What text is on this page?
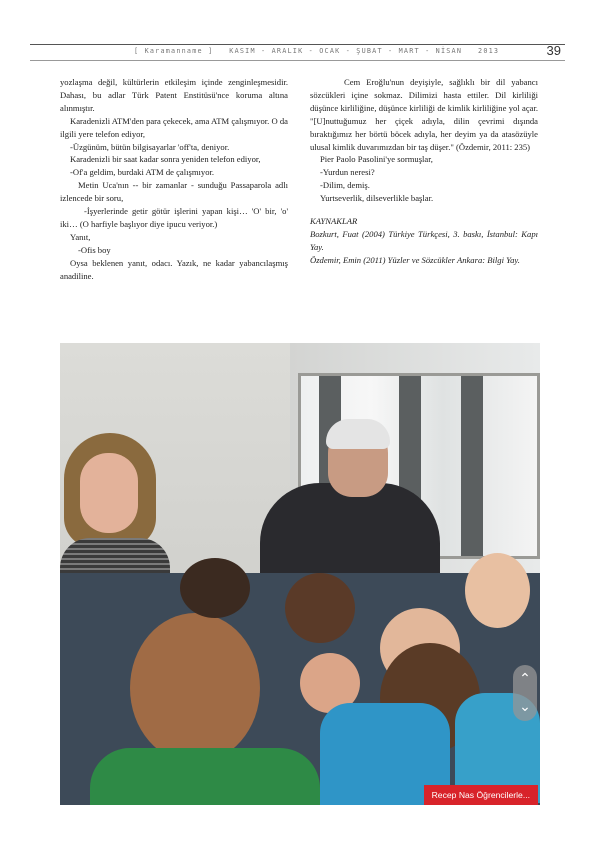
[ Karamanname ] KASIM - ARALIK - OCAK - ŞUBAT - MART - NİSAN 2013	39

yozlaşma değil, kültürlerin etkileşim içinde zenginleşmesidir. Dahası, bu adlar Türk Patent Enstitüsü'nce koruma altına alınmıştır.

Karadenizli ATM'den para çekecek, ama ATM çalışmıyor. O da ilgili yere telefon ediyor,

-Üzgünüm, bütün bilgisayarlar 'off'ta, deniyor.

Karadenizli bir saat kadar sonra yeniden telefon ediyor,

-Of'a geldim, burdaki ATM de çalışmıyor.

Metin Uca'nın -- bir zamanlar - sunduğu Passaparola adlı izlencede bir soru,

-İşyerlerinde getir götür işlerini yapan kişi… 'O' bir, 'o' iki… (O harfiyle başlıyor diye ipucu veriyor.)

Yanıt,

-Ofis boy

Oysa beklenen yanıt, odacı. Yazık, ne kadar yabancılaşmış anadiline.

Cem Eroğlu'nun deyişiyle, sağlıklı bir dil yabancı sözcükleri içine sokmaz. Dilimizi hasta ettiler. Dil kirliliği düşünce kirliliğine, düşünce kirliliği de kimlik kirliliğine yol açar. "[U]nuttuğumuz her çiçek adıyla, dilin çevrimi dışında bıraktığımız her börtü böcek adıyla, her deyim ya da atasözüyle ulusal kimlik duvarımızdan bir taş düşer." (Özdemir, 2011: 235)

Pier Paolo Pasolini'ye sormuşlar,

-Yurdun neresi?

-Dilim, demiş.

Yurtseverlik, dilseverlikle başlar.

KAYNAKLAR

Bozkurt, Fuat (2004) Türkiye Türkçesi, 3. baskı, İstanbul: Kapı Yay.

Özdemir, Emin (2011) Yüzler ve Sözcükler Ankara: Bilgi Yay.

⌃
⌄
Recep Nas Öğrencilerle...
